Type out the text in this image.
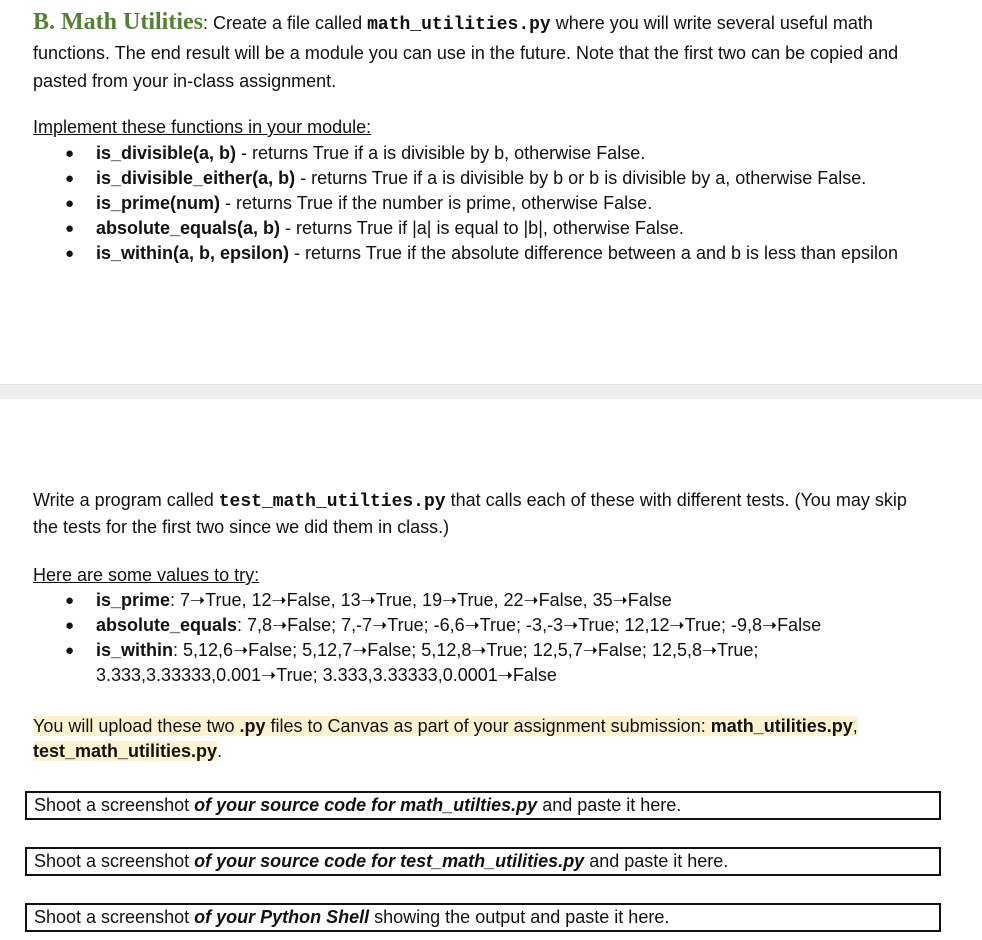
B. Math Utilities: Create a file called math_utilities.py where you will write several useful math functions. The end result will be a module you can use in the future. Note that the first two can be copied and pasted from your in-class assignment.
Implement these functions in your module:
● is_divisible(a, b) - returns True if a is divisible by b, otherwise False.
● is_divisible_either(a, b) - returns True if a is divisible by b or b is divisible by a, otherwise False.
● is_prime(num) - returns True if the number is prime, otherwise False.
● absolute_equals(a, b) - returns True if |a| is equal to |b|, otherwise False.
● is_within(a, b, epsilon) - returns True if the absolute difference between a and b is less than epsilon
Write a program called test_math_utilties.py that calls each of these with different tests. (You may skip the tests for the first two since we did them in class.)
Here are some values to try:
● is_prime: 7➝True, 12➝False, 13➝True, 19➝True, 22➝False, 35➝False
● absolute_equals: 7,8➝False; 7,-7➝True; -6,6➝True; -3,-3➝True; 12,12➝True; -9,8➝False
● is_within: 5,12,6➝False; 5,12,7➝False; 5,12,8➝True; 12,5,7➝False; 12,5,8➝True; 3.333,3.33333,0.001➝True; 3.333,3.33333,0.0001➝False
You will upload these two .py files to Canvas as part of your assignment submission: math_utilities.py, test_math_utilities.py.
Shoot a screenshot of your source code for math_utilties.py and paste it here.
Shoot a screenshot of your source code for test_math_utilities.py and paste it here.
Shoot a screenshot of your Python Shell showing the output and paste it here.
